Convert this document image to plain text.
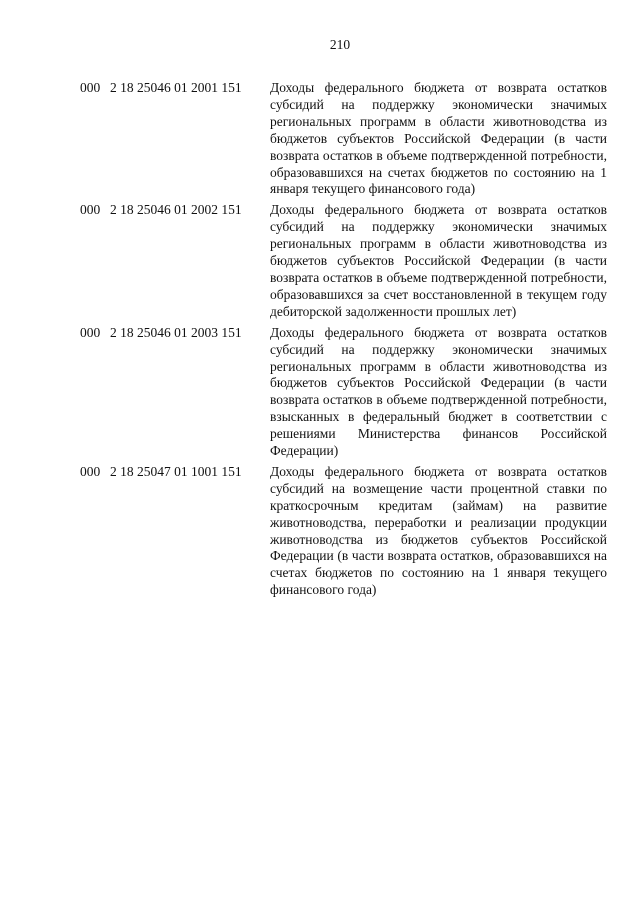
210
000 2 18 25046 01 2001 151 Доходы федерального бюджета от возврата остатков субсидий на поддержку экономически значимых региональных программ в области животноводства из бюджетов субъектов Российской Федерации (в части возврата остатков в объеме подтвержденной потребности, образовавшихся на счетах бюджетов по состоянию на 1 января текущего финансового года)
000 2 18 25046 01 2002 151 Доходы федерального бюджета от возврата остатков субсидий на поддержку экономически значимых региональных программ в области животноводства из бюджетов субъектов Российской Федерации (в части возврата остатков в объеме подтвержденной потребности, образовавшихся за счет восстановленной в текущем году дебиторской задолженности прошлых лет)
000 2 18 25046 01 2003 151 Доходы федерального бюджета от возврата остатков субсидий на поддержку экономически значимых региональных программ в области животноводства из бюджетов субъектов Российской Федерации (в части возврата остатков в объеме подтвержденной потребности, взысканных в федеральный бюджет в соответствии с решениями Министерства финансов Российской Федерации)
000 2 18 25047 01 1001 151 Доходы федерального бюджета от возврата остатков субсидий на возмещение части процентной ставки по краткосрочным кредитам (займам) на развитие животноводства, переработки и реализации продукции животноводства из бюджетов субъектов Российской Федерации (в части возврата остатков, образовавшихся на счетах бюджетов по состоянию на 1 января текущего финансового года)
